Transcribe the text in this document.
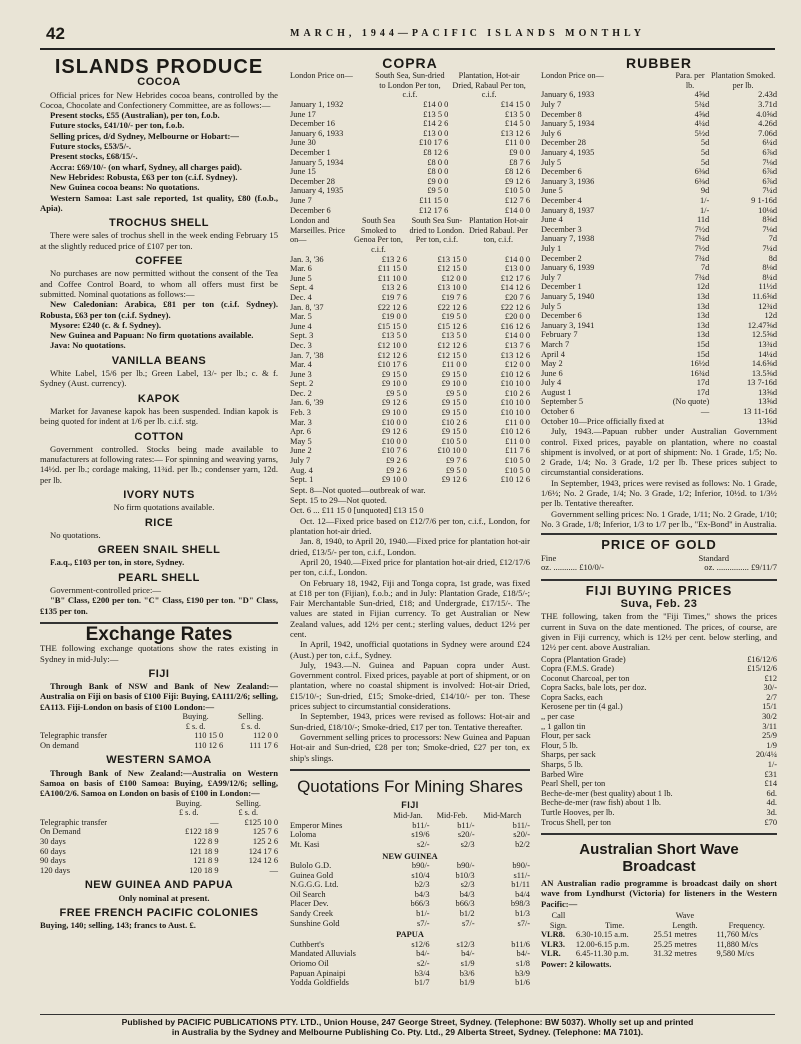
42	MARCH, 1944—PACIFIC ISLANDS MONTHLY
ISLANDS PRODUCE
COCOA

Official prices for New Hebrides cocoa beans, controlled by the Cocoa, Chocolate and Confectionery Committee, are as follows:—

Present stocks, £55 (Australian), per ton, f.o.b.

Future stocks, £41/10/- per ton, f.o.b.

Selling prices, d/d Sydney, Melbourne or Hobart:—

Future stocks, £53/5/-.

Present stocks, £68/15/-.

Accra: £69/10/- (on wharf, Sydney, all charges paid).

New Hebrides: Robusta, £63 per ton (c.i.f. Sydney).

New Guinea cocoa beans: No quotations.

Western Samoa: Last sale reported, 1st quality, £80 (f.o.b., Apia).

TROCHUS SHELL

There were sales of trochus shell in the week ending February 15 at the slightly reduced price of £107 per ton.

COFFEE

No purchases are now permitted without the consent of the Tea and Coffee Control Board, to whom all offers must first be submitted. Nominal quotations as follows:—

New Caledonian: Arabica, £81 per ton (c.i.f. Sydney). Robusta, £63 per ton (c.i.f. Sydney).

Mysore: £240 (c. & f. Sydney).

New Guinea and Papuan: No firm quotations available.

Java: No quotations.

VANILLA BEANS

White Label, 15/6 per lb.; Green Label, 13/- per lb.; c. & f. Sydney (Aust. currency).

KAPOK

Market for Javanese kapok has been suspended. Indian kapok is being quoted for indent at 1/6 per lb. c.i.f. stg.

COTTON

Government controlled. Stocks being made available to manufacturers at following rates:— For spinning and weaving yarns, 14½d. per lb.; cordage making, 11¾d. per lb.; condenser yarn, 12d. per lb.

IVORY NUTS

No firm quotations available.

RICE

No quotations.

GREEN SNAIL SHELL

F.a.q., £103 per ton, in store, Sydney.

PEARL SHELL

Government-controlled price:—

"B" Class, £200 per ton. "C" Class, £190 per ton. "D" Class, £135 per ton.

Exchange Rates

THE following exchange quotations show the rates existing in Sydney in mid-July:—

FIJI

Through Bank of NSW and Bank of New Zealand:—Australia on Fiji on basis of £100 Fiji: Buying, £A111/2/6; selling, £A113. Fiji-London on basis of £100 London:—

	Buying.	Selling.
	£ s. d.	£ s. d.
Telegraphic transfer	110 15 0	112 0 0
On demand	110 12 6	111 17 6
WESTERN SAMOA

Through Bank of New Zealand:—Australia on Western Samoa on basis of £100 Samoa: Buying, £A99/12/6; selling, £A100/2/6. Samoa on London on basis of £100 in London:—

	Buying.	Selling.
	£ s. d.	£ s. d.
Telegraphic transfer	—	£125 10 0
On Demand	£122 18 9	125 7 6
30 days	122 8 9	125 2 6
60 days	121 18 9	124 17 6
90 days	121 8 9	124 12 6
120 days	120 18 9	—
NEW GUINEA AND PAPUA

Only nominal at present.

FREE FRENCH PACIFIC COLONIES

Buying, 140; selling, 143; francs to Aust. £.

COPRA
London Price on—	South Sea, Sun-dried to London Per ton, c.i.f.	Plantation, Hot-air Dried, Rabaul Per ton, c.i.f.
January 1, 1932	£14 0 0	£14 15 0
June 17	£13 5 0	£13 5 0
December 16	£14 2 6	£14 5 0
January 6, 1933	£13 0 0	£13 12 6
June 30	£10 17 6	£11 0 0
December 1	£8 12 6	£9 0 0
January 5, 1934	£8 0 0	£8 7 6
June 15	£8 0 0	£8 12 6
December 28	£9 0 0	£9 12 6
January 4, 1935	£9 5 0	£10 5 0
June 7	£11 15 0	£12 7 6
December 6	£12 17 6	£14 0 0
London and Marseilles. Price on—	South Sea Smoked to Genoa Per ton, c.i.f.	South Sea Sun-dried to London. Per ton, c.i.f.	Plantation Hot-air Dried Rabaul. Per ton, c.i.f.
Jan. 3, '36	£13 2 6	£13 15 0	£14 0 0
Mar. 6	£11 15 0	£12 15 0	£13 0 0
June 5	£11 10 0	£12 0 0	£12 17 6
Sept. 4	£13 2 6	£13 10 0	£14 12 6
Dec. 4	£19 7 6	£19 7 6	£20 7 6
Jan. 8, '37	£22 12 6	£22 12 6	£22 12 6
Mar. 5	£19 0 0	£19 5 0	£20 0 0
June 4	£15 15 0	£15 12 6	£16 12 6
Sept. 3	£13 5 0	£13 5 0	£14 0 0
Dec. 3	£12 10 0	£12 12 6	£13 7 6
Jan. 7, '38	£12 12 6	£12 15 0	£13 12 6
Mar. 4	£10 17 6	£11 0 0	£12 0 0
June 3	£9 15 0	£9 15 0	£10 12 6
Sept. 2	£9 10 0	£9 10 0	£10 10 0
Dec. 2	£9 5 0	£9 5 0	£10 2 6
Jan. 6, '39	£9 12 6	£9 15 0	£10 10 0
Feb. 3	£9 10 0	£9 15 0	£10 10 0
Mar. 3	£10 0 0	£10 2 6	£11 0 0
Apr. 6	£9 12 6	£9 15 0	£10 12 6
May 5	£10 0 0	£10 5 0	£11 0 0
June 2	£10 7 6	£10 10 0	£11 7 6
July 7	£9 2 6	£9 7 6	£10 5 0
Aug. 4	£9 2 6	£9 5 0	£10 5 0
Sept. 1	£9 10 0	£9 12 6	£10 12 6

Sept. 8—Not quoted—outbreak of war.

Sept. 15 to 29—Not quoted.

Oct. 6 ... £11 15 0 [unquoted] £13 15 0

Oct. 12—Fixed price based on £12/7/6 per ton, c.i.f., London, for plantation hot-air dried.

Jan. 8, 1940, to April 20, 1940.—Fixed price for plantation hot-air dried, £13/5/- per ton, c.i.f., London.

April 20, 1940.—Fixed price for plantation hot-air dried, £12/17/6 per ton, c.i.f., London.

On February 18, 1942, Fiji and Tonga copra, 1st grade, was fixed at £18 per ton (Fijian), f.o.b.; and in July: Plantation Grade, £18/5/-; Fair Merchantable Sun-dried, £18; and Undergrade, £17/15/-. The values are stated in Fijian currency. To get Australian or New Zealand values, add 12½ per cent.; sterling values, deduct 12½ per cent.

In April, 1942, unofficial quotations in Sydney were around £24 (Aust.) per ton, c.i.f., Sydney.

July, 1943.—N. Guinea and Papuan copra under Aust. Government control. Fixed prices, payable at port of shipment, or on plantation, where no coastal shipment is involved: Hot-air Dried, £15/10/-; Sun-dried, £15; Smoke-dried, £14/10/- per ton. These prices subject to circumstantial considerations.

In September, 1943, prices were revised as follows: Hot-air and Sun-dried, £18/10/-; Smoke-dried, £17 per ton. Tentative thereafter.

Government selling prices to processors: New Guinea and Papuan Hot-air and Sun-dried, £28 per ton; Smoke-dried, £27 per ton, ex ship's slings.

Quotations For Mining Shares
FIJI
	Mid-Jan.	Mid-Feb.	Mid-March
Emperor Mines	b11/-	b11/-	b11/-
Loloma	s19/6	s20/-	s20/-
Mt. Kasi	s2/-	s2/3	b2/2
NEW GUINEA			
Bulolo G.D.	b90/-	b90/-	b90/-
Guinea Gold	s10/4	b10/3	s11/-
N.G.G.G. Ltd.	b2/3	s2/3	b1/11
Oil Search	b4/3	b4/3	b4/4
Placer Dev.	b66/3	b66/3	b98/3
Sandy Creek	b1/-	b1/2	b1/3
Sunshine Gold	s7/-	s7/-	s7/-
PAPUA			
Cuthbert's	s12/6	s12/3	b11/6
Mandated Alluvials	b4/-	b4/-	b4/-
Oriomo Oil	s2/-	s1/9	s1/8
Papuan Apinaipi	b3/4	b3/6	b3/9
Yodda Goldfields	b1/7	b1/9	b1/6
RUBBER
London Price on—	Para. per lb.	Plantation Smoked. per lb.
January 6, 1933	4⅝d	2.43d
July 7	5¾d	3.71d
December 8	4⅝d	4.0⅝d
January 5, 1934	4¼d	4.26d
July 6	5½d	7.06d
December 28	5d	6¼d
January 4, 1935	5d	6⅞d
July 5	5d	7⅛d
December 6	6⅜d	6⅞d
January 3, 1936	6⅜d	6⅞d
June 5	9d	7¼d
December 4	1/-	9 1-16d
January 8, 1937	1/-	10⅛d
June 4	11d	8⅝d
December 3	7½d	7⅛d
January 7, 1938	7¼d	7d
July 1	7½d	7¼d
December 2	7¾d	8d
January 6, 1939	7d	8⅛d
July 7	7¾d	8¼d
December 1	12d	11½d
January 5, 1940	13d	11.6⅝d
July 5	13d	12¾d
December 6	13d	12d
January 3, 1941	13d	12.47⅝d
February 7	13d	12.5⅝d
March 7	15d	13¾d
April 4	15d	14¼d
May 2	16½d	14.6⅝d
June 6	16¾d	13.5⅝d
July 4	17d	13 7-16d
August 1	17d	13⅝d
September 5	(No quote)	13⅝d
October 6	—	13 11-16d
October 10—Price officially fixed at		13⅝d

July, 1943.—Papuan rubber under Australian Government control. Fixed prices, payable on plantation, where no coastal shipment is involved, or at port of shipment: No. 1 Grade, 1/5; No. 2 Grade, 1/4; No. 3 Grade, 1/2 per lb. These prices subject to circumstantial considerations.

In September, 1943, prices were revised as follows: No. 1 Grade, 1/6½; No. 2 Grade, 1/4; No. 3 Grade, 1/2; Inferior, 10½d. to 1/3½ per lb. Tentative thereafter.

Government selling prices: No. 1 Grade, 1/11; No. 2 Grade, 1/10; No. 3 Grade, 1/8; Inferior, 1/3 to 1/7 per lb., "Ex-Bond" in Australia.

PRICE OF GOLD
Fine	Standard
oz. ........... £10/0/-	oz. ............... £9/11/7
FIJI BUYING PRICES
Suva, Feb. 23

THE following, taken from the "Fiji Times," shows the prices current in Suva on the date mentioned. The prices, of course, are given in Fiji currency, which is 12½ per cent. below sterling, and 12½ per cent. above Australian.

Copra (Plantation Grade)	£16/12/6
Copra (F.M.S. Grade)	£15/12/6
Coconut Charcoal, per ton	£12
Copra Sacks, bale lots, per doz.	30/-
Copra Sacks, each	2/7
Kerosene per tin (4 gal.)	15/1
,, per case	30/2
,, 1 gallon tin	3/11
Flour, per sack	25/9
Flour, 5 lb.	1/9
Sharps, per sack	20/4¼
Sharps, 5 lb.	1/-
Barbed Wire	£31
Pearl Shell, per ton	£14
Beche-de-mer (best quality) about 1 lb.	6d.
Beche-de-mer (raw fish) about 1 lb.	4d.
Turtle Hooves, per lb.	3d.
Trocus Shell, per ton	£70
Australian Short Wave Broadcast

AN Australian radio programme is broadcast daily on short wave from Lyndhurst (Victoria) for listeners in the Western Pacific:—

Call		Wave	
Sign.	Time.	Length.	Frequency.
VLR8.	6.30-10.15 a.m.	25.51 metres	11,760 M/cs
VLR3.	12.00-6.15 p.m.	25.25 metres	11,880 M/cs
VLR.	6.45-11.30 p.m.	31.32 metres	9,580 M/cs

Power: 2 kilowatts.

Published by PACIFIC PUBLICATIONS PTY. LTD., Union House, 247 George Street, Sydney. (Telephone: BW 5037). Wholly set up and printed
in Australia by the Sydney and Melbourne Publishing Co. Pty. Ltd., 29 Alberta Street, Sydney. (Telephone: MA 7101).
